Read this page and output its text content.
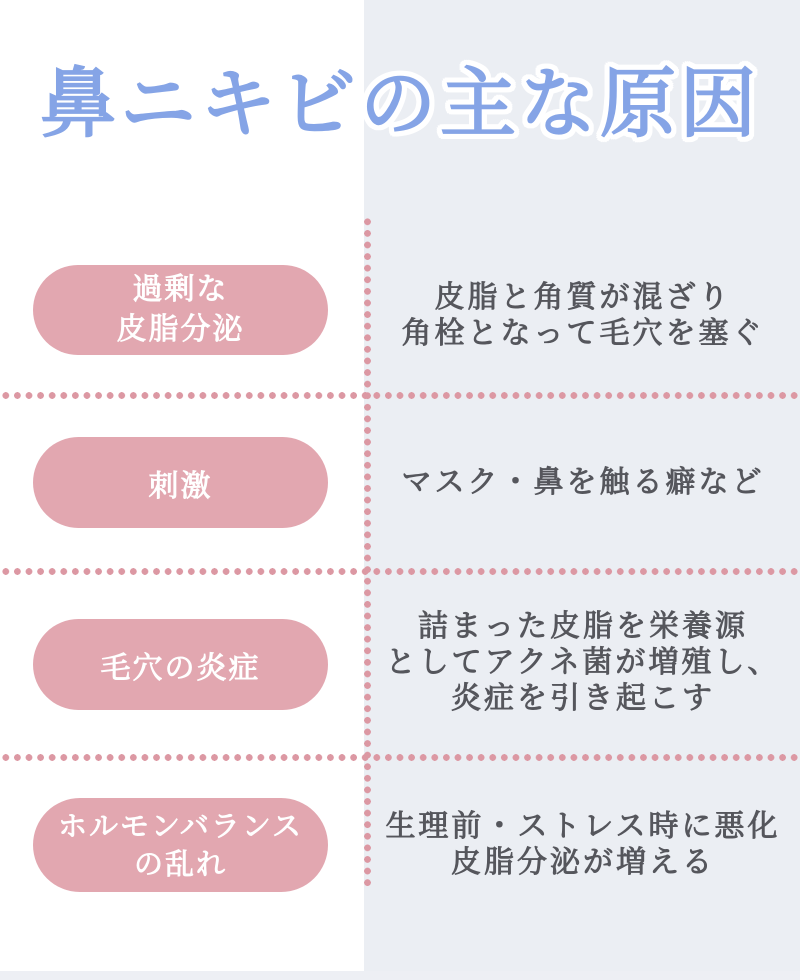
鼻ニキビの主な原因
過剰な
皮脂分泌
皮脂と角質が混ざり
角栓となって毛穴を塞ぐ
刺激	マスク・鼻を触る癖など
毛穴の炎症
詰まった皮脂を栄養源
としてアクネ菌が増殖し、
炎症を引き起こす
ホルモンバランス
の乱れ
生理前・ストレス時に悪化
皮脂分泌が増える
